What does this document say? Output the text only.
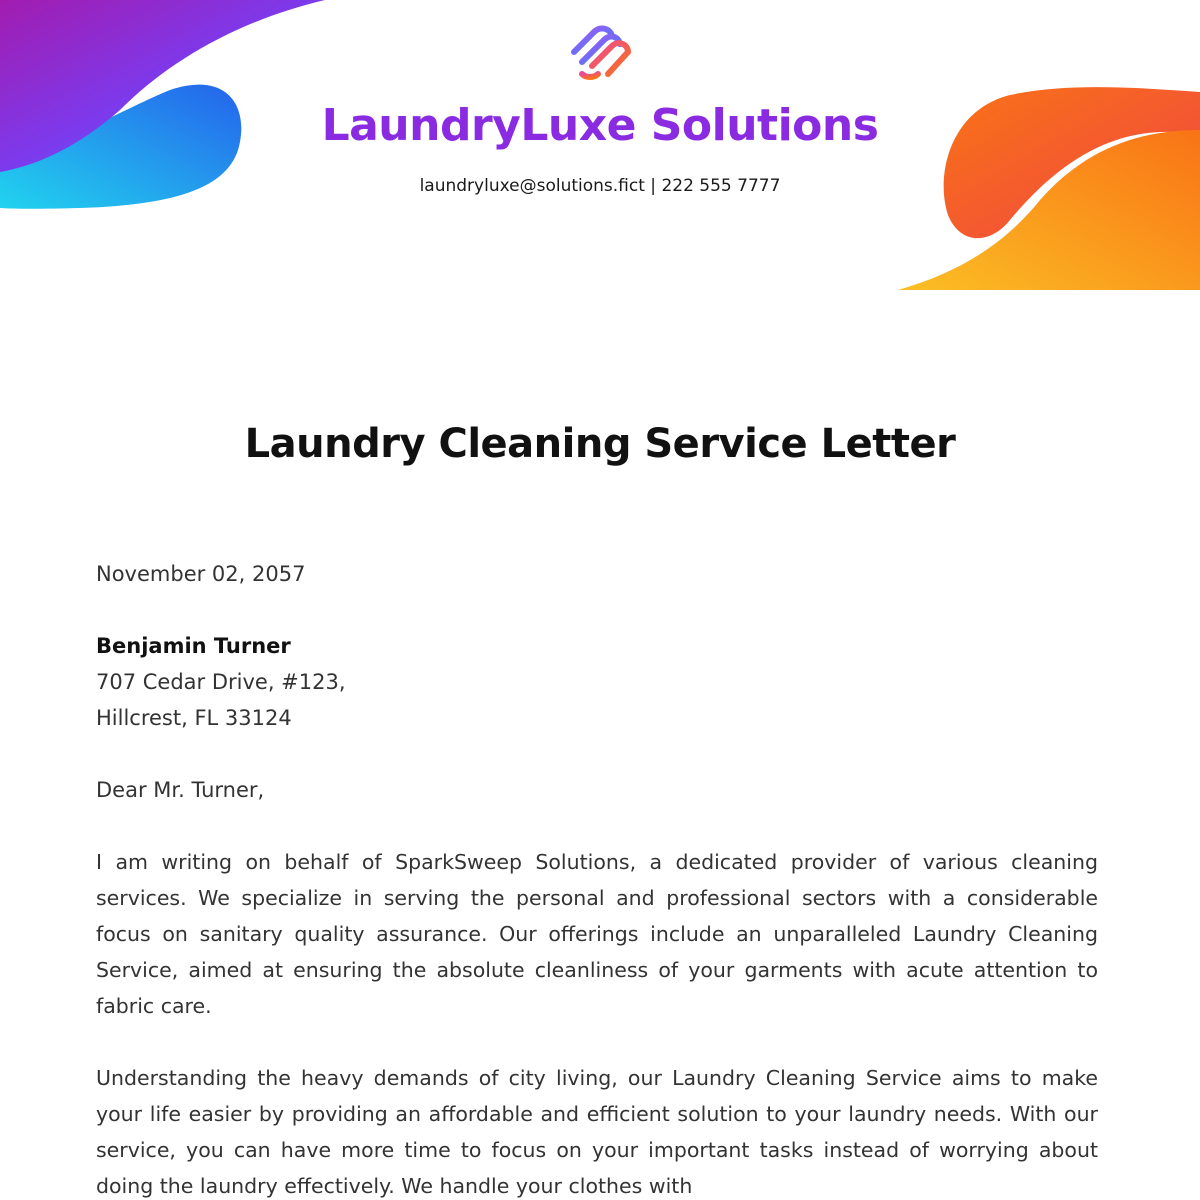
LaundryLuxe Solutions
laundryluxe@solutions.fict | 222 555 7777
Laundry Cleaning Service Letter

November 02, 2057

Benjamin Turner
707 Cedar Drive, #123,
Hillcrest, FL 33124

Dear Mr. Turner,

I am writing on behalf of SparkSweep Solutions, a dedicated provider of various cleaning services. We specialize in serving the personal and professional sectors with a considerable focus on sanitary quality assurance. Our offerings include an unparalleled Laundry Cleaning Service, aimed at ensuring the absolute cleanliness of your garments with acute attention to fabric care.

Understanding the heavy demands of city living, our Laundry Cleaning Service aims to make your life easier by providing an affordable and efficient solution to your laundry needs. With our service, you can have more time to focus on your important tasks instead of worrying about doing the laundry effectively. We handle your clothes with
